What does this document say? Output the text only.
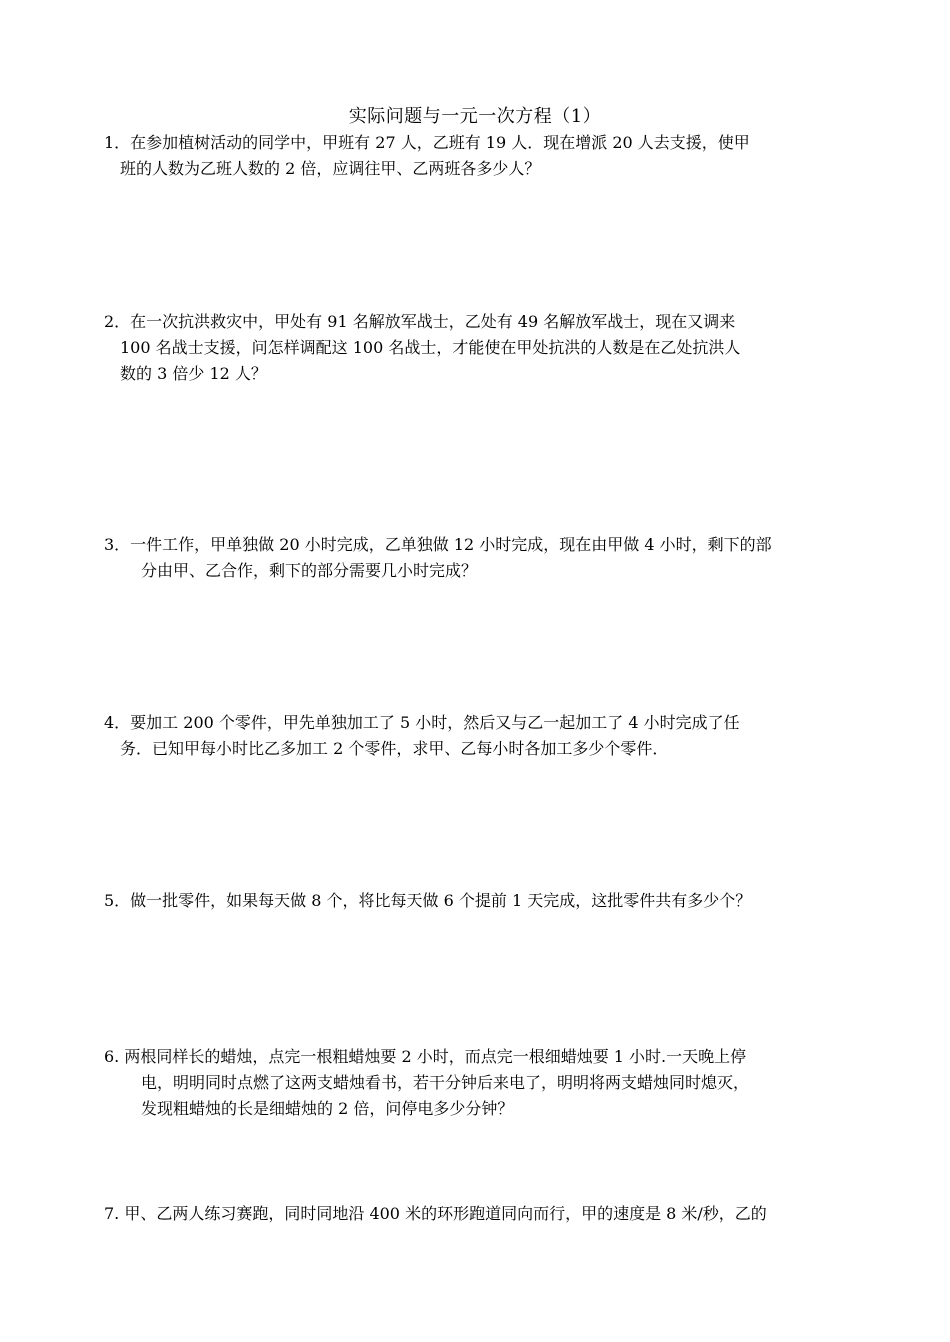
实际问题与一元一次方程（1）
1．在参加植树活动的同学中，甲班有 27 人，乙班有 19 人．现在增派 20 人去支援，使甲
班的人数为乙班人数的 2 倍，应调往甲、乙两班各多少人？
2．在一次抗洪救灾中，甲处有 91 名解放军战士，乙处有 49 名解放军战士，现在又调来
100 名战士支援，问怎样调配这 100 名战士，才能使在甲处抗洪的人数是在乙处抗洪人
数的 3 倍少 12 人？
3．一件工作，甲单独做 20 小时完成，乙单独做 12 小时完成，现在由甲做 4 小时，剩下的部
分由甲、乙合作，剩下的部分需要几小时完成？
4．要加工 200 个零件，甲先单独加工了 5 小时，然后又与乙一起加工了 4 小时完成了任
务．已知甲每小时比乙多加工 2 个零件，求甲、乙每小时各加工多少个零件．
5．做一批零件，如果每天做 8 个，将比每天做 6 个提前 1 天完成，这批零件共有多少个？
6. 两根同样长的蜡烛，点完一根粗蜡烛要 2 小时，而点完一根细蜡烛要 1 小时.一天晚上停
电，明明同时点燃了这两支蜡烛看书，若干分钟后来电了，明明将两支蜡烛同时熄灭，
发现粗蜡烛的长是细蜡烛的 2 倍，问停电多少分钟？
7. 甲、乙两人练习赛跑，同时同地沿 400 米的环形跑道同向而行，甲的速度是 8 米/秒，乙的
